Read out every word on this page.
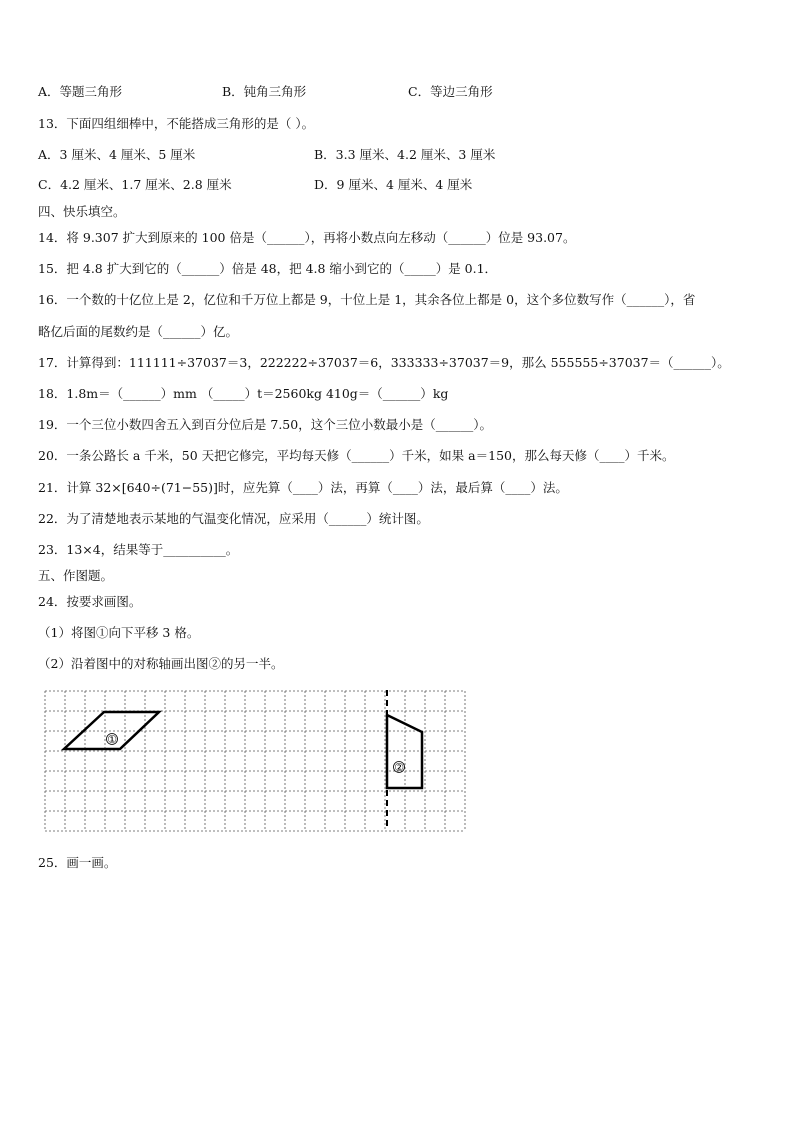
A．等题三角形	B．钝角三角形	C．等边三角形
13．下面四组细棒中，不能搭成三角形的是（ ）。
A．3 厘米、4 厘米、5 厘米	B．3.3 厘米、4.2 厘米、3 厘米
C．4.2 厘米、1.7 厘米、2.8 厘米	D．9 厘米、4 厘米、4 厘米
四、快乐填空。
14．将 9.307 扩大到原来的 100 倍是（______），再将小数点向左移动（______）位是 93.07。
15．把 4.8 扩大到它的（______）倍是 48，把 4.8 缩小到它的（_____）是 0.1．
16．一个数的十亿位上是 2，亿位和千万位上都是 9，十位上是 1，其余各位上都是 0，这个多位数写作（______），省
略亿后面的尾数约是（______）亿。
17．计算得到：111111÷37037＝3，222222÷37037＝6，333333÷37037＝9，那么 555555÷37037＝（______）。
18．1.8m＝（______）mm （_____）t＝2560kg 410g＝（______）kg
19．一个三位小数四舍五入到百分位后是 7.50，这个三位小数最小是（______）。
20．一条公路长 a 千米，50 天把它修完，平均每天修（______）千米，如果 a＝150，那么每天修（____）千米。
21．计算 32×[640÷(71−55)]时，应先算（____）法，再算（____）法，最后算（____）法。
22．为了清楚地表示某地的气温变化情况，应采用（______）统计图。
23．13×4，结果等于__________。
五、作图题。
24．按要求画图。
（1）将图①向下平移 3 格。
（2）沿着图中的对称轴画出图②的另一半。
①
②
25．画一画。
